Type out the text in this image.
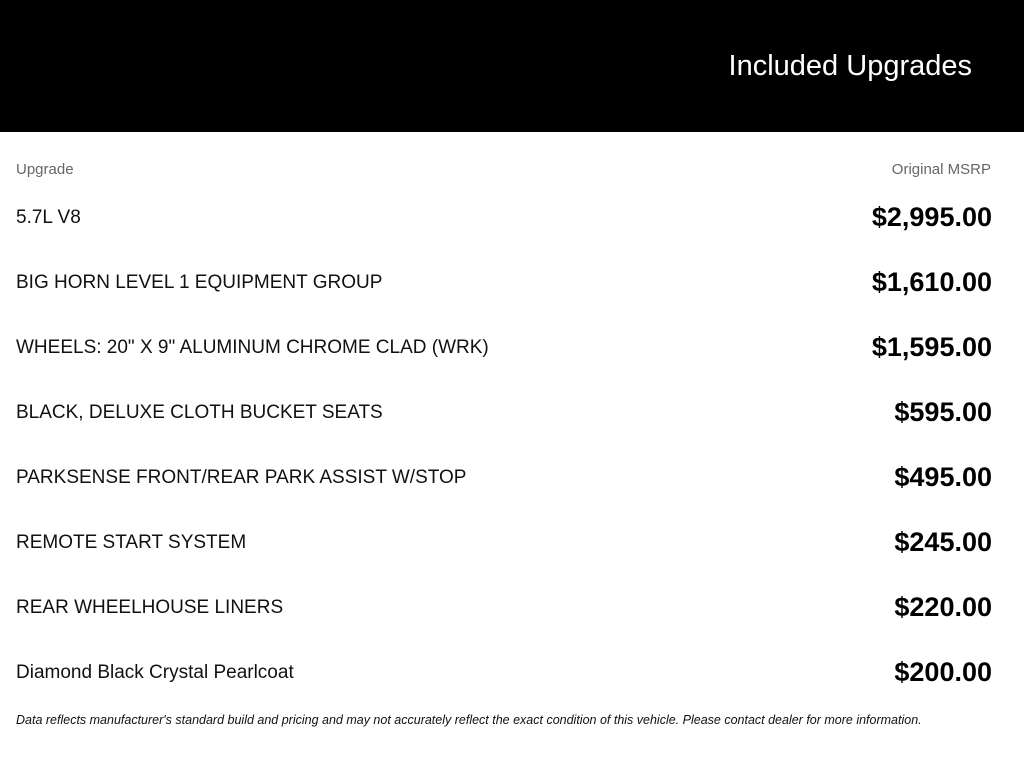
Included Upgrades
Upgrade	Original MSRP
5.7L V8	$2,995.00
BIG HORN LEVEL 1 EQUIPMENT GROUP	$1,610.00
WHEELS: 20" X 9" ALUMINUM CHROME CLAD (WRK)	$1,595.00
BLACK, DELUXE CLOTH BUCKET SEATS	$595.00
PARKSENSE FRONT/REAR PARK ASSIST W/STOP	$495.00
REMOTE START SYSTEM	$245.00
REAR WHEELHOUSE LINERS	$220.00
Diamond Black Crystal Pearlcoat	$200.00
Data reflects manufacturer's standard build and pricing and may not accurately reflect the exact condition of this vehicle. Please contact dealer for more information.
